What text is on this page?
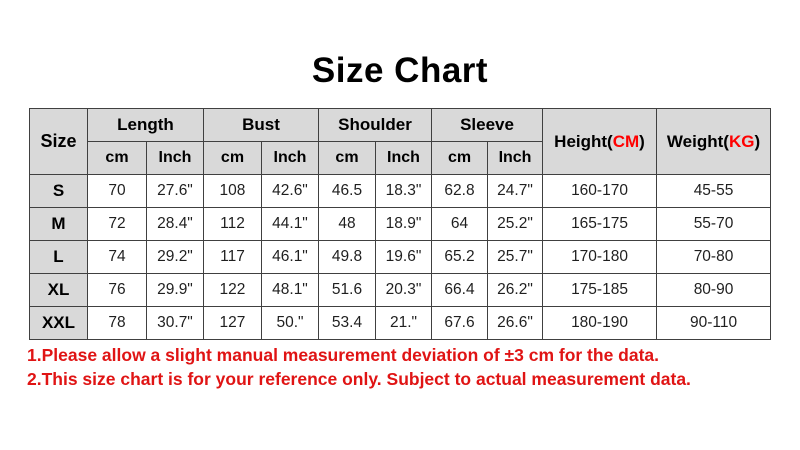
Size Chart
Size	Length		Bust		Shoulder		Sleeve		Height(CM)	Weight(KG)
	cm	Inch	cm	Inch	cm	Inch	cm	Inch		
S	70	27.6"	108	42.6"	46.5	18.3"	62.8	24.7"	160-170	45-55
M	72	28.4"	112	44.1"	48	18.9"	64	25.2"	165-175	55-70
L	74	29.2"	117	46.1"	49.8	19.6"	65.2	25.7"	170-180	70-80
XL	76	29.9"	122	48.1"	51.6	20.3"	66.4	26.2"	175-185	80-90
XXL	78	30.7"	127	50."	53.4	21."	67.6	26.6"	180-190	90-110
1.Please allow a slight manual measurement deviation of ±3 cm for the data.
2.This size chart is for your reference only. Subject to actual measurement data.
